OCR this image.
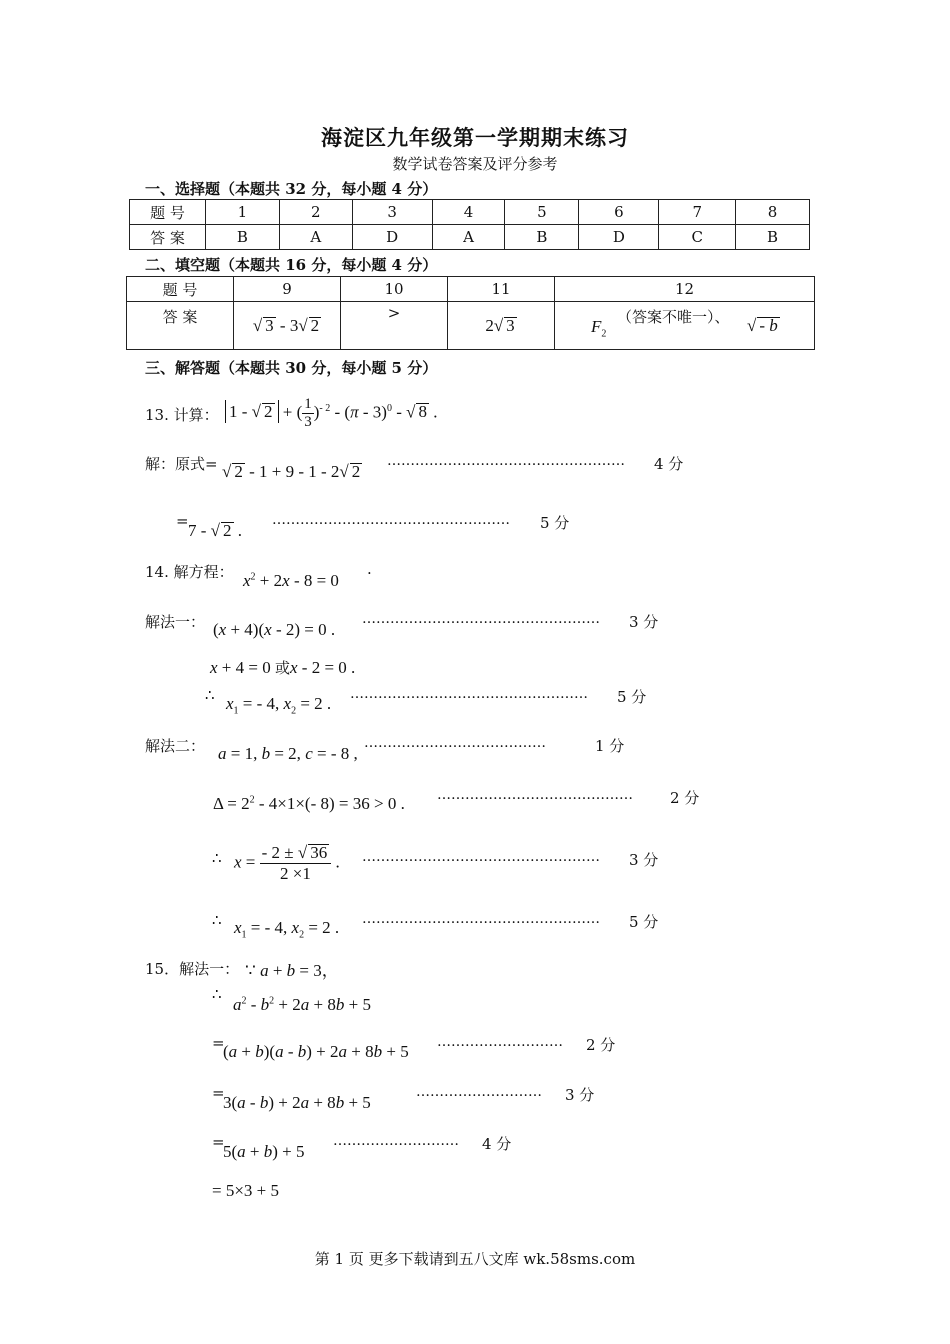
海淀区九年级第一学期期末练习
数学试卷答案及评分参考
一、选择题（本题共 32 分，每小题 4 分）
题 号	1	2	3	4	5	6	7	8
答 案	B	A	D	A	B	D	C	B
二、填空题（本题共 16 分，每小题 4 分）
题 号	9	10	11	12
答 案	√ 3 - 3√ 2	>	2√ 3	$F_2$
（答案不唯一）、 √ - b
三、解答题（本题共 30 分，每小题 5 分）
13. 计算： 1 - √ 2 + ( $\frac{1}{3} )^{- 2} - (\pi - 3)^0$ - √ 8 .
解：原式= √ 2 - 1 + 9 - 1 - 2√ 2
…………………………………………… 4 分
= 7 - √ 2 .
…………………………………………… 5 分
14. 解方程： $x^2 + 2x - 8 = 0$
.
解法一： (x + 4)(x - 2) = 0 .
…………………………………………… 3 分
x + 4 = 0 或x - 2 = 0 .
∴ $x_1$ = - 4, $x_2 = 2$ . …………………………………………… 5 分
解法二： a = 1, b = 2, c = - 8 ,
…………………………………	1 分
$\Delta = 2^2 - 4\times 1\times(-$ 8) = 36 > 0 . …………………………………… 2 分
∴ $x = \frac{- 2 \pm √ 36}{2 \times 1}$ . …………………………………………… 3 分
∴ $x_1$ = - 4, $x_2 = 2$ . …………………………………………… 5 分
15．解法一： ∵ a + b = 3，
∴
$a^2 - b^2 + 2a + 8b + 5$
=
(a + b)(a - b) + 2a + 8b + 5 ……………………… 2 分
=
3(a - b) + 2a + 8b + 5
……………………… 3 分
=
5(a + b) + 5
……………………… 4 分
= 5×3 + 5
第 1 页 更多下载请到五八文库 wk.58sms.com
